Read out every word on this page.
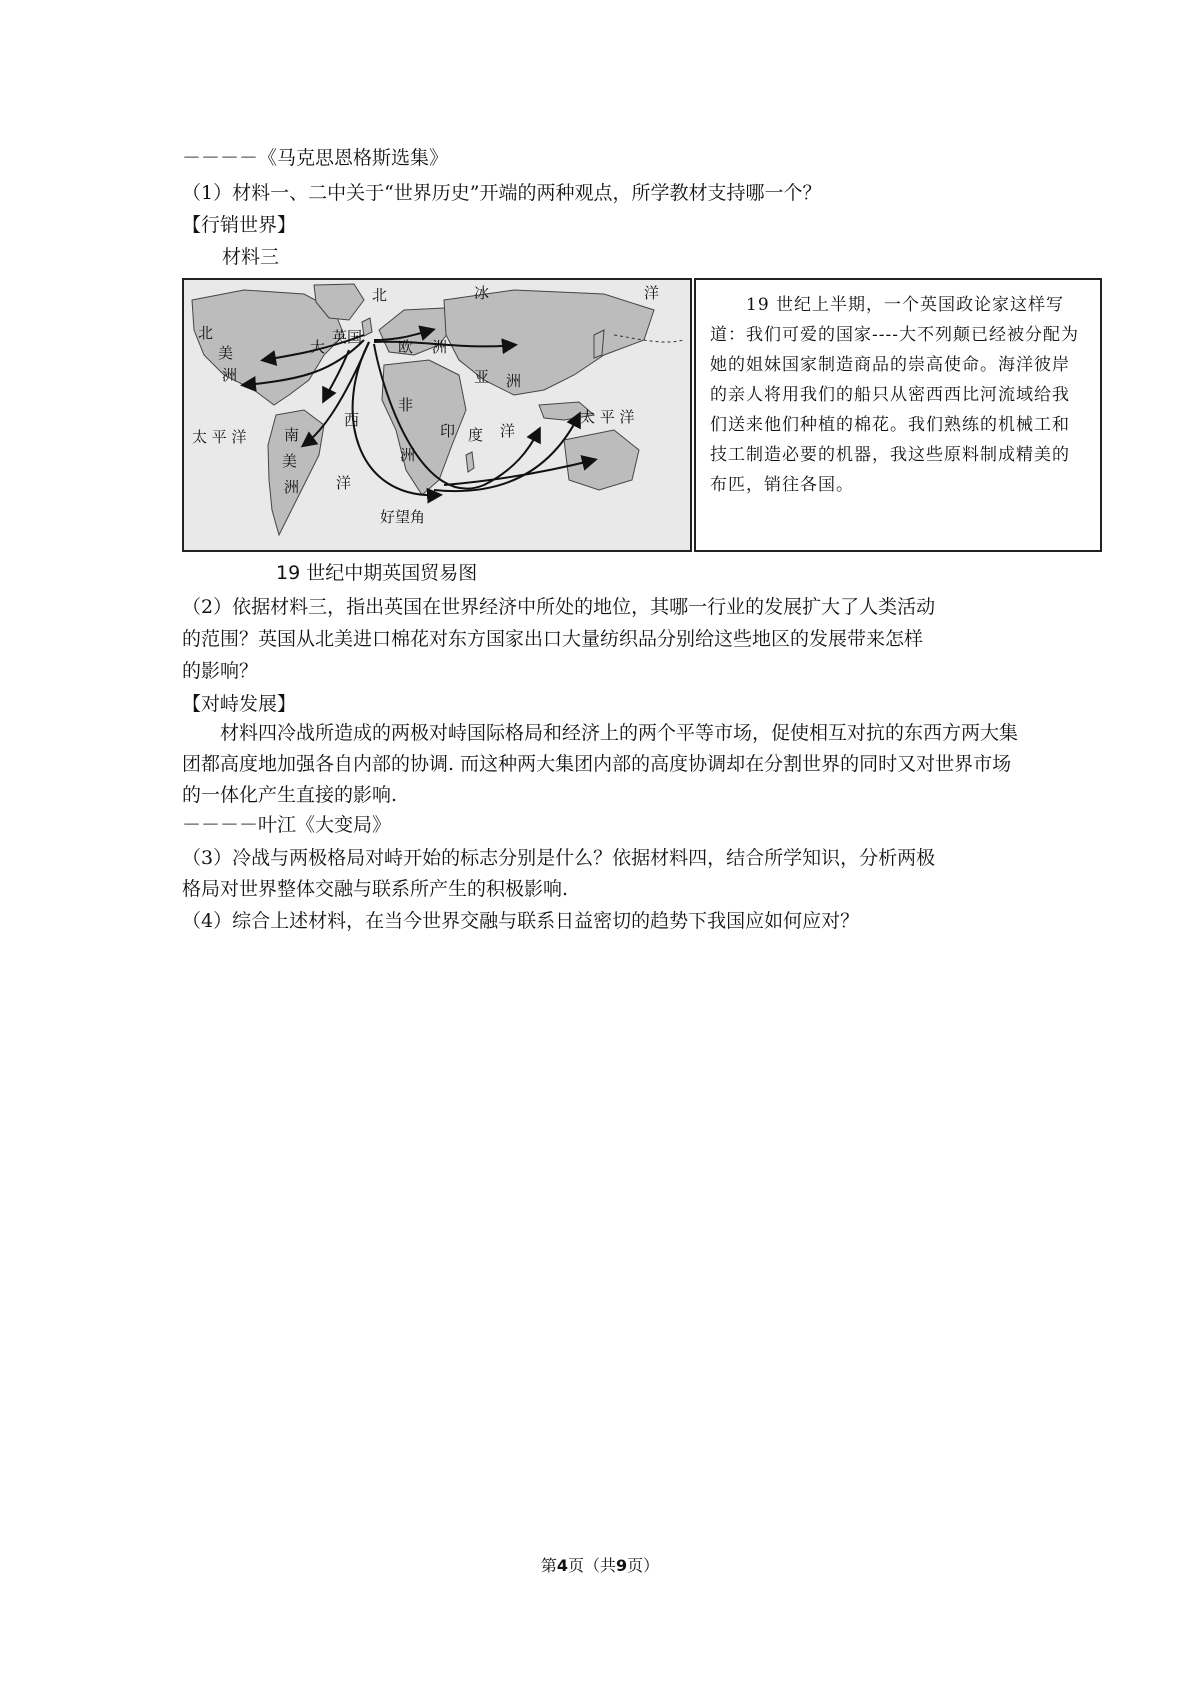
－－－－《马克思恩格斯选集》
（1）材料一、二中关于“世界历史”开端的两种观点，所学教材支持哪一个？
【行销世界】
材料三
北	冰	洋
北
美
洲
大
英国
欧 洲
亚 洲
非
西	太 平 洋
太 平 洋 南
美
洲
洲
印 度 洋
洋
好望角
19 世纪上半期，一个英国政论家这样写道：我们可爱的国家----大不列颠已经被分配为她的姐妹国家制造商品的崇高使命。海洋彼岸的亲人将用我们的船只从密西西比河流域给我们送来他们种植的棉花。我们熟练的机械工和技工制造必要的机器，我这些原料制成精美的布匹，销往各国。
19 世纪中期英国贸易图
（2）依据材料三，指出英国在世界经济中所处的地位，其哪一行业的发展扩大了人类活动
的范围？英国从北美进口棉花对东方国家出口大量纺织品分别给这些地区的发展带来怎样
的影响？
【对峙发展】
材料四冷战所造成的两极对峙国际格局和经济上的两个平等市场，促使相互对抗的东西方两大集团都高度地加强各自内部的协调. 而这种两大集团内部的高度协调却在分割世界的同时又对世界市场的一体化产生直接的影响.
－－－－叶江《大变局》
（3）冷战与两极格局对峙开始的标志分别是什么？依据材料四，结合所学知识，分析两极
格局对世界整体交融与联系所产生的积极影响.
（4）综合上述材料，在当今世界交融与联系日益密切的趋势下我国应如何应对？
第4页（共9页）
